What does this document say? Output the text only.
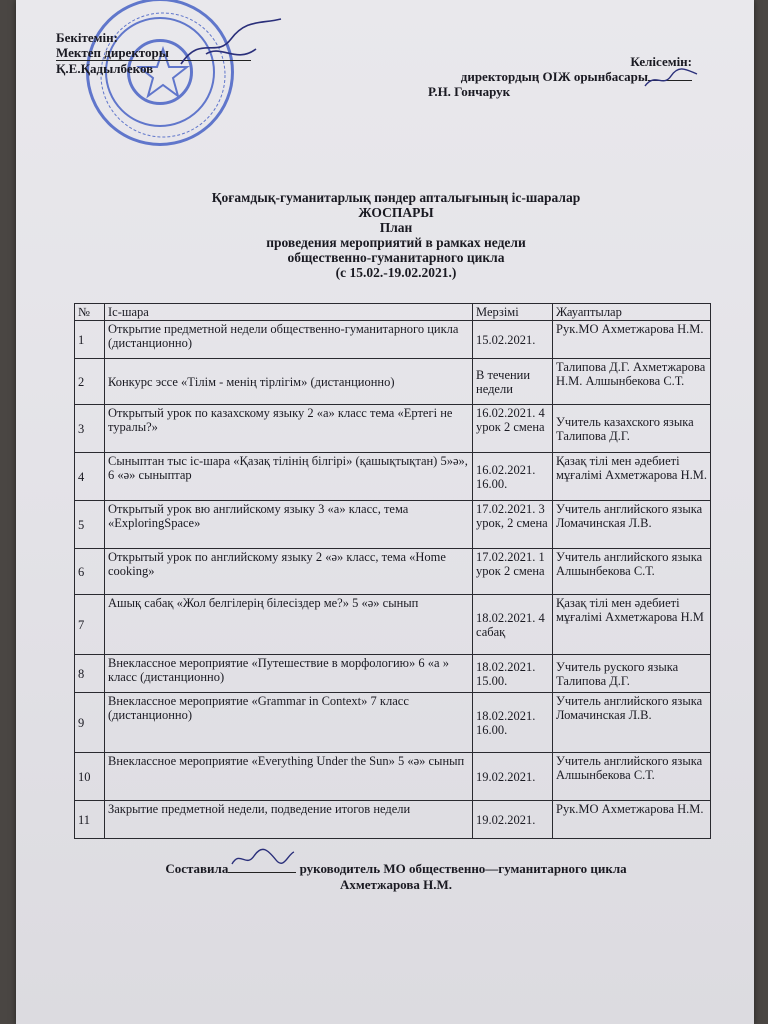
Бекітемін:
Мектеп директоры
Қ.Е.Қадылбеков	Келісемін:
директордың ОІЖ орынбасары
Р.Н. Гончарук
Қоғамдық-гуманитарлық пәндер апталығының іс-шаралар
ЖОСПАРЫ
План
проведения мероприятий в рамках недели
общественно-гуманитарного цикла
(с 15.02.-19.02.2021.)
№	Іс-шара	Мерзімі	Жауаптылар
1	Открытие предметной недели общественно-гуманитарного цикла (дистанционно)	15.02.2021.	Рук.МО Ахметжарова Н.М.
2	Конкурс эссе «Тілім - менің тірлігім» (дистанционно)	В течении недели	Талипова Д.Г. Ахметжарова Н.М. Алшынбекова С.Т.
3	Открытый урок по казахскому языку 2 «а» класс тема «Ертегі не туралы?»	16.02.2021. 4 урок 2 смена	Учитель казахского языка Талипова Д.Г.
4	Сыныптан тыс іс-шара «Қазақ тілінің білгірі» (қашықтықтан) 5»ә», 6 «ә» сыныптар	16.02.2021. 16.00.	Қазақ тілі мен әдебиеті мұғалімі Ахметжарова Н.М.
5	Открытый урок вю английскому языку 3 «а» класс, тема «ExploringSpace»	17.02.2021. 3 урок, 2 смена	Учитель английского языка Ломачинская Л.В.
6	Открытый урок по английскому языку 2 «ә» класс, тема «Home cooking»	17.02.2021. 1 урок 2 смена	Учитель английского языка Алшынбекова С.Т.
7	Ашық сабақ «Жол белгілерің білесіздер ме?» 5 «ә» сынып	18.02.2021. 4 сабақ	Қазақ тілі мен әдебиеті мұғалімі Ахметжарова Н.М
8	Внеклассное мероприятие «Путешествие в морфологию» 6 «а » класс (дистанционно)	18.02.2021. 15.00.	Учитель руского языка Талипова Д.Г.
9	Внеклассное мероприятие «Grammar in Context» 7 класс (дистанционно)	18.02.2021. 16.00.	Учитель английского языка Ломачинская Л.В.
10	Внеклассное мероприятие «Everything Under the Sun» 5 «ә» сынып	19.02.2021.	Учитель английского языка Алшынбекова С.Т.
11	Закрытие предметной недели, подведение итогов недели	19.02.2021.	Рук.МО Ахметжарова Н.М.
Составила	руководитель МО общественно—гуманитарного цикла
Ахметжарова Н.М.
